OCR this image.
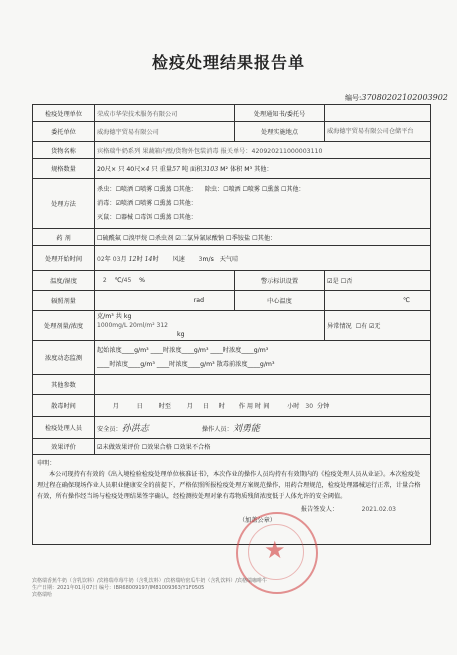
检疫处理结果报告单
编号:37080202102003902
检疫处理单位	荣成市华荣技术服务有限公司	处理通知书/委托号	
委托单位	威海德宇贸易有限公司	处理实施地点	威海德宇贸易有限公司仓储平台
货物名称	宾格瑞牛奶系列 果蔬箱内壁/货物外包装消毒 报关单号：420920211000003110		
规格数量	20尺× 只 40尺×4 只 重量57 吨 面积3103 M² 体积 M³ 其他：		
处理方法	杀虫：☐喷洒 ☐喷雾 ☐熏蒸 ☐其他： 除虫：☐喷洒 ☐喷雾 ☐熏蒸 ☐其他：
消毒：☑喷洒 ☐喷雾 ☐熏蒸 ☐其他：
灭鼠：☐器械 ☐毒饵 ☐熏蒸 ☐其他：		

药 剂	☐硫酰氟 ☐溴甲烷 ☐杀虫剂 ☑二氯异氰尿酸钠 ☐季铵盐 ☐其他：		
处理开始时间	02年 03月 12时 14时 风速 3m/s 天气晴		
温度/湿度	2 ℃/45 %	警示标识设置	☑是 ☐否
辐照剂量	rad	中心温度	℃
处理剂量/浓度	克/m³ 共 kg
1000mg/L 20ml/m² 312
kg		异常情况 ☐有 ☑无
浓度动态监测	起始浓度____g/m³ ____时浓度____g/m³ ____时浓度____g/m³
____时浓度____g/m³ ____时浓度____g/m³ 散毒前浓度____g/m³		

其他参数			
散毒时间	月 日 时至 月 日 时 作 用 时 间 小时 30 分钟		
检疫处理人员	安全员：孙洪志 操作人员：刘勇能		
效果评价	☑未做效果评价 ☐效果合格 ☐效果不合格		

申明：
本公司现持有有效的《出入境检验检疫处理单位核准证书》，本次作业的操作人员均持有有效期内的《检疫处理人员从业证》。本次检疫处理过程在确保现场作业人员职业健康安全的前提下，严格依照所报检疫处理方案规范操作，用药合理规范，检疫处理器械运行正常，计量合格有效，所有操作经当场与检疫处理结果签字确认，经检测按处理对象有毒物质残留浓度低于人体允许的安全阈值。
报告签发人： 2021.02.03
（加盖公章）			
★
宾格瑞香蕉牛奶（含乳饮料）/宾格瑞草莓牛奶（含乳饮料）/宾格瑞哈密瓜牛奶（含乳饮料）/宾格瑞咖啡牛
生产日期：2021年01月07日 编号：IBR68009197/IM81009363/Y1F0505
宾格瑞哈
